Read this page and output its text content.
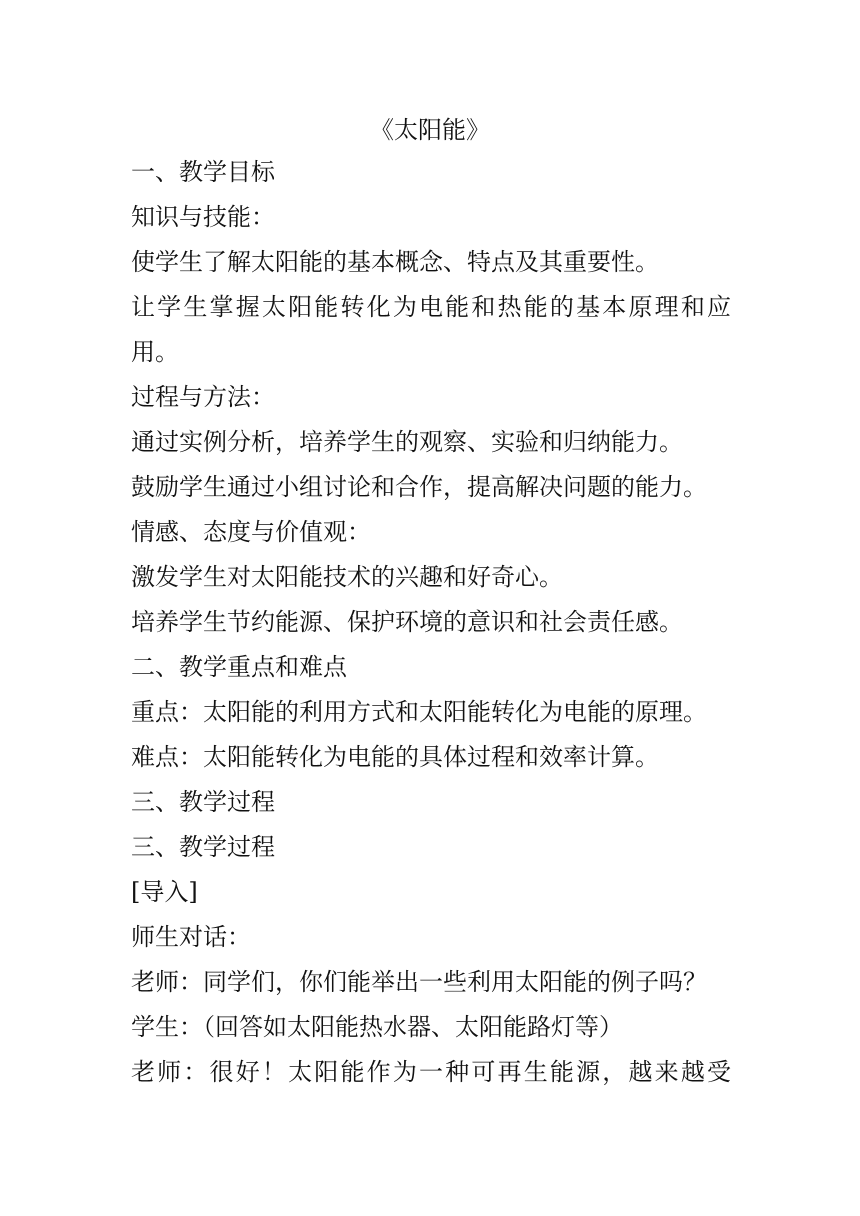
《太阳能》
一、教学目标
知识与技能：
使学生了解太阳能的基本概念、特点及其重要性。
让学生掌握太阳能转化为电能和热能的基本原理和应
用。
过程与方法：
通过实例分析，培养学生的观察、实验和归纳能力。
鼓励学生通过小组讨论和合作，提高解决问题的能力。
情感、态度与价值观：
激发学生对太阳能技术的兴趣和好奇心。
培养学生节约能源、保护环境的意识和社会责任感。
二、教学重点和难点
重点：太阳能的利用方式和太阳能转化为电能的原理。
难点：太阳能转化为电能的具体过程和效率计算。
三、教学过程
三、教学过程
[导入]
师生对话：
老师：同学们，你们能举出一些利用太阳能的例子吗？
学生：（回答如太阳能热水器、太阳能路灯等）
老师：很好！太阳能作为一种可再生能源，越来越受
